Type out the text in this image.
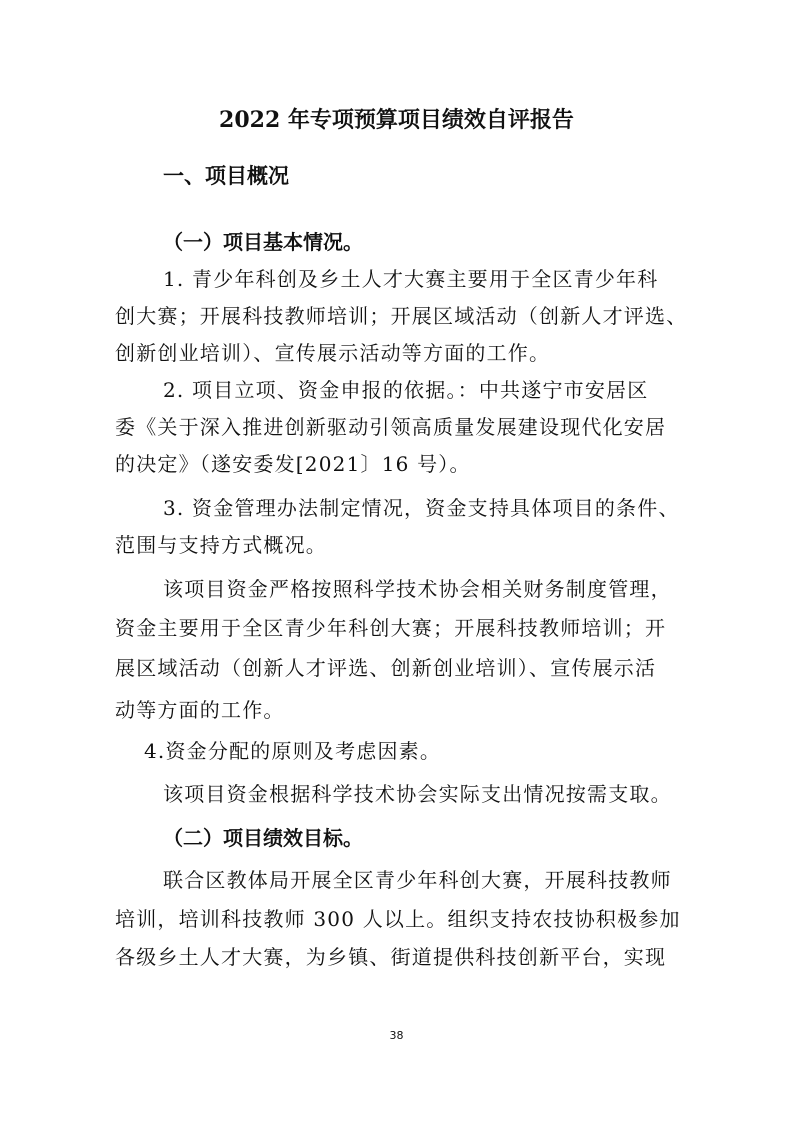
2022 年专项预算项目绩效自评报告
一、项目概况
（一）项目基本情况。
1. 青少年科创及乡土人才大赛主要用于全区青少年科
创大赛；开展科技教师培训；开展区域活动（创新人才评选、
创新创业培训）、宣传展示活动等方面的工作。
2. 项目立项、资金申报的依据。：中共遂宁市安居区
委《关于深入推进创新驱动引领高质量发展建设现代化安居
的决定》（遂安委发[2021〕16 号）。
3. 资金管理办法制定情况，资金支持具体项目的条件、
范围与支持方式概况。
该项目资金严格按照科学技术协会相关财务制度管理，
资金主要用于全区青少年科创大赛；开展科技教师培训；开
展区域活动（创新人才评选、创新创业培训）、宣传展示活
动等方面的工作。
4.资金分配的原则及考虑因素。
该项目资金根据科学技术协会实际支出情况按需支取。
（二）项目绩效目标。
联合区教体局开展全区青少年科创大赛，开展科技教师
培训，培训科技教师 300 人以上。组织支持农技协积极参加
各级乡土人才大赛，为乡镇、街道提供科技创新平台，实现
38
